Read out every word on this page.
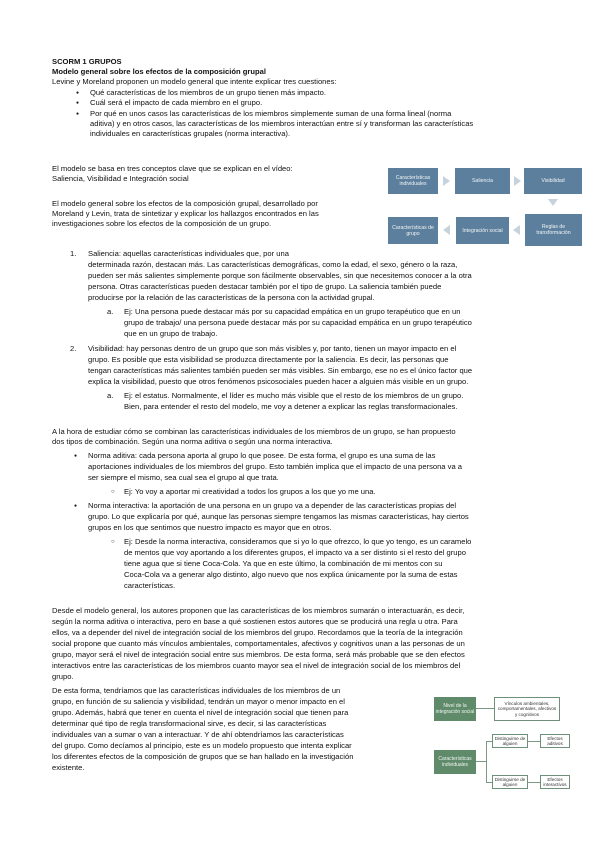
SCORM 1 GRUPOS
Modelo general sobre los efectos de la composición grupal
Levine y Moreland proponen un modelo general que intente explicar tres cuestiones:
● Qué características de los miembros de un grupo tienen más impacto.
● Cuál será el impacto de cada miembro en el grupo.
● Por qué en unos casos las características de los miembros simplemente suman de una forma lineal (norma
aditiva) y en otros casos, las características de los miembros interactúan entre sí y transforman las características
individuales en características grupales (norma interactiva).
El modelo se basa en tres conceptos clave que se explican en el vídeo:
Saliencia, Visibilidad e Integración social
El modelo general sobre los efectos de la composición grupal, desarrollado por
Moreland y Levin, trata de sintetizar y explicar los hallazgos encontrados en las
investigaciones sobre los efectos de la composición de un grupo.
Características individuales	Saliencia	Visibilidad
Reglas de transformación
Integración social
Características de grupo
1. Saliencia: aquellas características individuales que, por una
determinada razón, destacan más. Las características demográficas, como la edad, el sexo, género o la raza,
pueden ser más salientes simplemente porque son fácilmente observables, sin que necesitemos conocer a la otra
persona. Otras características pueden destacar también por el tipo de grupo. La saliencia también puede
producirse por la relación de las características de la persona con la actividad grupal.
a. Ej: Una persona puede destacar más por su capacidad empática en un grupo terapéutico que en un
grupo de trabajo/ una persona puede destacar más por su capacidad empática en un grupo terapéutico
que en un grupo de trabajo.
2. Visibilidad: hay personas dentro de un grupo que son más visibles y, por tanto, tienen un mayor impacto en el
grupo. Es posible que esta visibilidad se produzca directamente por la saliencia. Es decir, las personas que
tengan características más salientes también pueden ser más visibles. Sin embargo, ese no es el único factor que
explica la visibilidad, puesto que otros fenómenos psicosociales pueden hacer a alguien más visible en un grupo.
a. Ej: el estatus. Normalmente, el líder es mucho más visible que el resto de los miembros de un grupo.
Bien, para entender el resto del modelo, me voy a detener a explicar las reglas transformacionales.
A la hora de estudiar cómo se combinan las características individuales de los miembros de un grupo, se han propuesto
dos tipos de combinación. Según una norma aditiva o según una norma interactiva.
● Norma aditiva: cada persona aporta al grupo lo que posee. De esta forma, el grupo es una suma de las
aportaciones individuales de los miembros del grupo. Esto también implica que el impacto de una persona va a
ser siempre el mismo, sea cual sea el grupo al que trata.
○ Ej: Yo voy a aportar mi creatividad a todos los grupos a los que yo me una.
● Norma interactiva: la aportación de una persona en un grupo va a depender de las características propias del
grupo. Lo que explicaría por qué, aunque las personas siempre tengamos las mismas características, hay ciertos
grupos en los que sentimos que nuestro impacto es mayor que en otros.
○ Ej: Desde la norma interactiva, consideramos que si yo lo que ofrezco, lo que yo tengo, es un caramelo
de mentos que voy aportando a los diferentes grupos, el impacto va a ser distinto si el resto del grupo
tiene agua que si tiene Coca-Cola. Ya que en este último, la combinación de mi mentos con su
Coca-Cola va a generar algo distinto, algo nuevo que nos explica únicamente por la suma de estas
características.
Desde el modelo general, los autores proponen que las características de los miembros sumarán o interactuarán, es decir,
según la norma aditiva o interactiva, pero en base a qué sostienen estos autores que se producirá una regla u otra. Para
ellos, va a depender del nivel de integración social de los miembros del grupo. Recordamos que la teoría de la integración
social propone que cuanto más vínculos ambientales, comportamentales, afectivos y cognitivos unan a las personas de un
grupo, mayor será el nivel de integración social entre sus miembros. De esta forma, será más probable que se den efectos
interactivos entre las características de los miembros cuanto mayor sea el nivel de integración social de los miembros del
grupo.
De esta forma, tendríamos que las características individuales de los miembros de un
grupo, en función de su saliencia y visibilidad, tendrán un mayor o menor impacto en el
grupo. Además, habrá que tener en cuenta el nivel de integración social que tienen para
determinar qué tipo de regla transformacional sirve, es decir, si las características
individuales van a sumar o van a interactuar. Y de ahí obtendríamos las características
del grupo. Como decíamos al principio, este es un modelo propuesto que intenta explicar
los diferentes efectos de la composición de grupos que se han hallado en la investigación
existente.
Nivel de la integración social
Vínculos ambientales, comportamentales, afectivos y cognitivos
Características individuales
Distinguirse de alguien
Efectos aditivos
Distinguirse de alguien
Efectos interactivos
